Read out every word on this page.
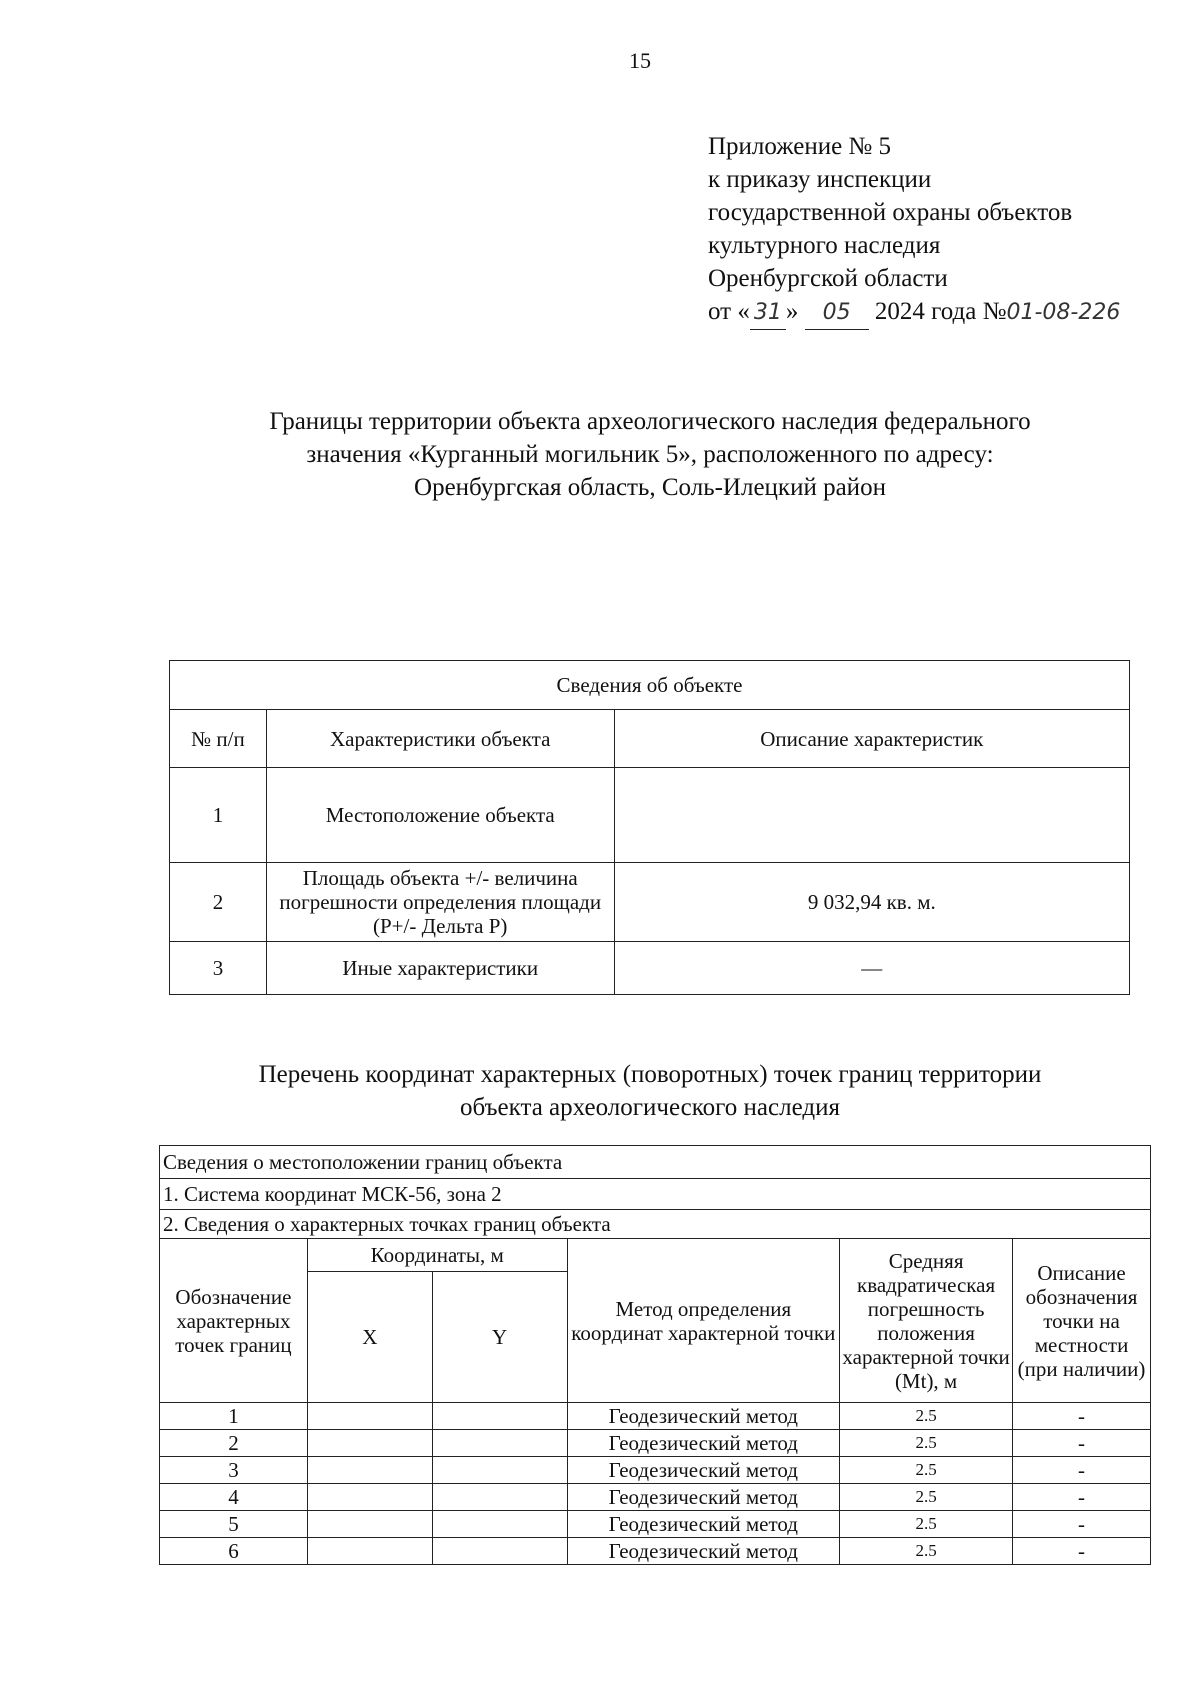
15
Приложение № 5
к приказу инспекции
государственной охраны объектов
культурного наследия
Оренбургской области
от « 31 » 05 2024 года №01-08-226
Границы территории объекта археологического наследия федерального
значения «Курганный могильник 5», расположенного по адресу:
Оренбургская область, Соль-Илецкий район
Сведения об объекте		
№ п/п	Характеристики объекта	Описание характеристик
1	Местоположение объекта	
2	Площадь объекта +/- величина погрешности определения площади (Р+/- Дельта Р)	9 032,94 кв. м.
3	Иные характеристики	—
Перечень координат характерных (поворотных) точек границ территории
объекта археологического наследия
Сведения о местоположении границ объекта					
1. Система координат МСК-56, зона 2					
2. Сведения о характерных точках границ объекта					
Обозначение характерных точек границ	Координаты, м		Метод определения координат характерной точки	Средняя квадратическая погрешность положения характерной точки (Mt), м	Описание обозначения точки на местности (при наличии)
	X	Y			
1			Геодезический метод	2.5	-
2			Геодезический метод	2.5	-
3			Геодезический метод	2.5	-
4			Геодезический метод	2.5	-
5			Геодезический метод	2.5	-
6			Геодезический метод	2.5	-
